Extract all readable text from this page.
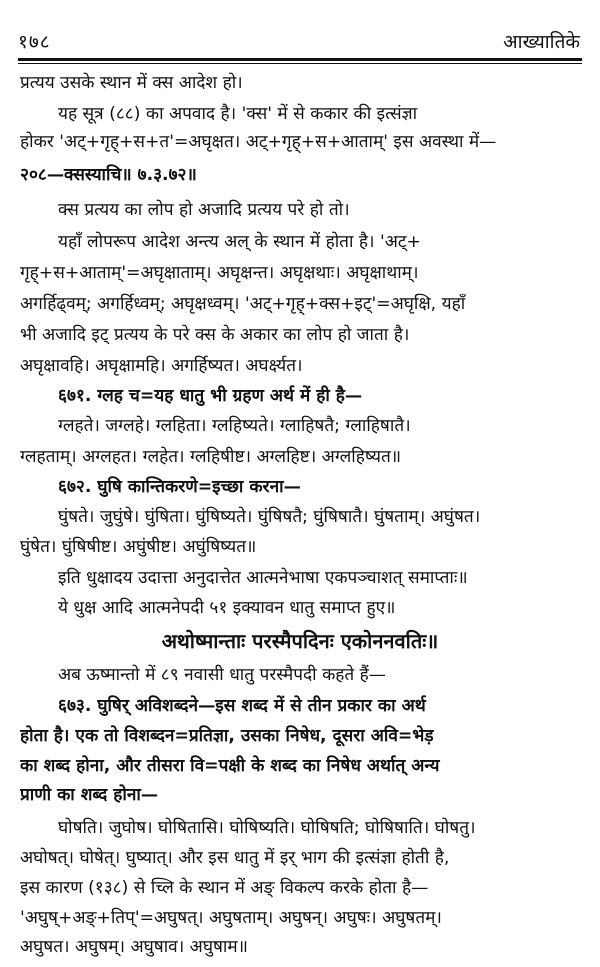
१७८	आख्यातिके
प्रत्यय उसके स्थान में क्स आदेश हो।
यह सूत्र (८८) का अपवाद है। 'क्स' में से ककार की इत्संज्ञा
होकर 'अट्+गृह्+स+त'=अघृक्षत। अट्+गृह्+स+आताम्' इस अवस्था में—
२०८—क्सस्याचि॥ ७.३.७२॥
क्स प्रत्यय का लोप हो अजादि प्रत्यय परे हो तो।
यहाँ लोपरूप आदेश अन्त्य अल् के स्थान में होता है। 'अट्+
गृह्+स+आताम्'=अघृक्षाताम्। अघृक्षन्त। अघृक्षथाः। अघृक्षाथाम्।
अगर्हिढ्वम्; अगर्हिध्वम्; अघृक्षध्वम्। 'अट्+गृह्+क्स+इट्'=अघृक्षि, यहाँ
भी अजादि इट् प्रत्यय के परे क्स के अकार का लोप हो जाता है।
अघृक्षावहि। अघृक्षामहि। अगर्हिष्यत। अघर्क्ष्यत।
६७१. ग्लह च=यह धातु भी ग्रहण अर्थ में ही है—
ग्लहते। जग्लहे। ग्लहिता। ग्लहिष्यते। ग्लाहिषतै; ग्लाहिषातै।
ग्लहताम्। अग्लहत। ग्लहेत। ग्लहिषीष्ट। अग्लहिष्ट। अग्लहिष्यत॥
६७२. घुषि कान्तिकरणे=इच्छा करना—
घुंषते। जुघुंषे। घुंषिता। घुंषिष्यते। घुंषिषतै; घुंषिषातै। घुंषताम्। अघुंषत।
घुंषेत। घुंषिषीष्ट। अघुंषीष्ट। अघुंषिष्यत॥
इति धुक्षादय उदात्ता अनुदात्तेत आत्मनेभाषा एकपञ्चाशत् समाप्ताः॥
ये धुक्ष आदि आत्मनेपदी ५१ इक्यावन धातु समाप्त हुए॥
अथोष्मान्ताः परस्मैपदिनः एकोननवतिः॥
अब ऊष्मान्तो में ८९ नवासी धातु परस्मैपदी कहते हैं—
६७३. घुषिर् अविशब्दने—इस शब्द में से तीन प्रकार का अर्थ
होता है। एक तो विशब्दन=प्रतिज्ञा, उसका निषेध, दूसरा अवि=भेड़
का शब्द होना, और तीसरा वि=पक्षी के शब्द का निषेध अर्थात् अन्य
प्राणी का शब्द होना—
घोषति। जुघोष। घोषितासि। घोषिष्यति। घोषिषति; घोषिषाति। घोषतु।
अघोषत्। घोषेत्। घुष्यात्। और इस धातु में इर् भाग की इत्संज्ञा होती है,
इस कारण (१३८) से च्लि के स्थान में अङ् विकल्प करके होता है—
'अघुष्+अङ्+तिप्'=अघुषत्। अघुषताम्। अघुषन्। अघुषः। अघुषतम्।
अघुषत। अघुषम्। अघुषाव। अघुषाम॥
